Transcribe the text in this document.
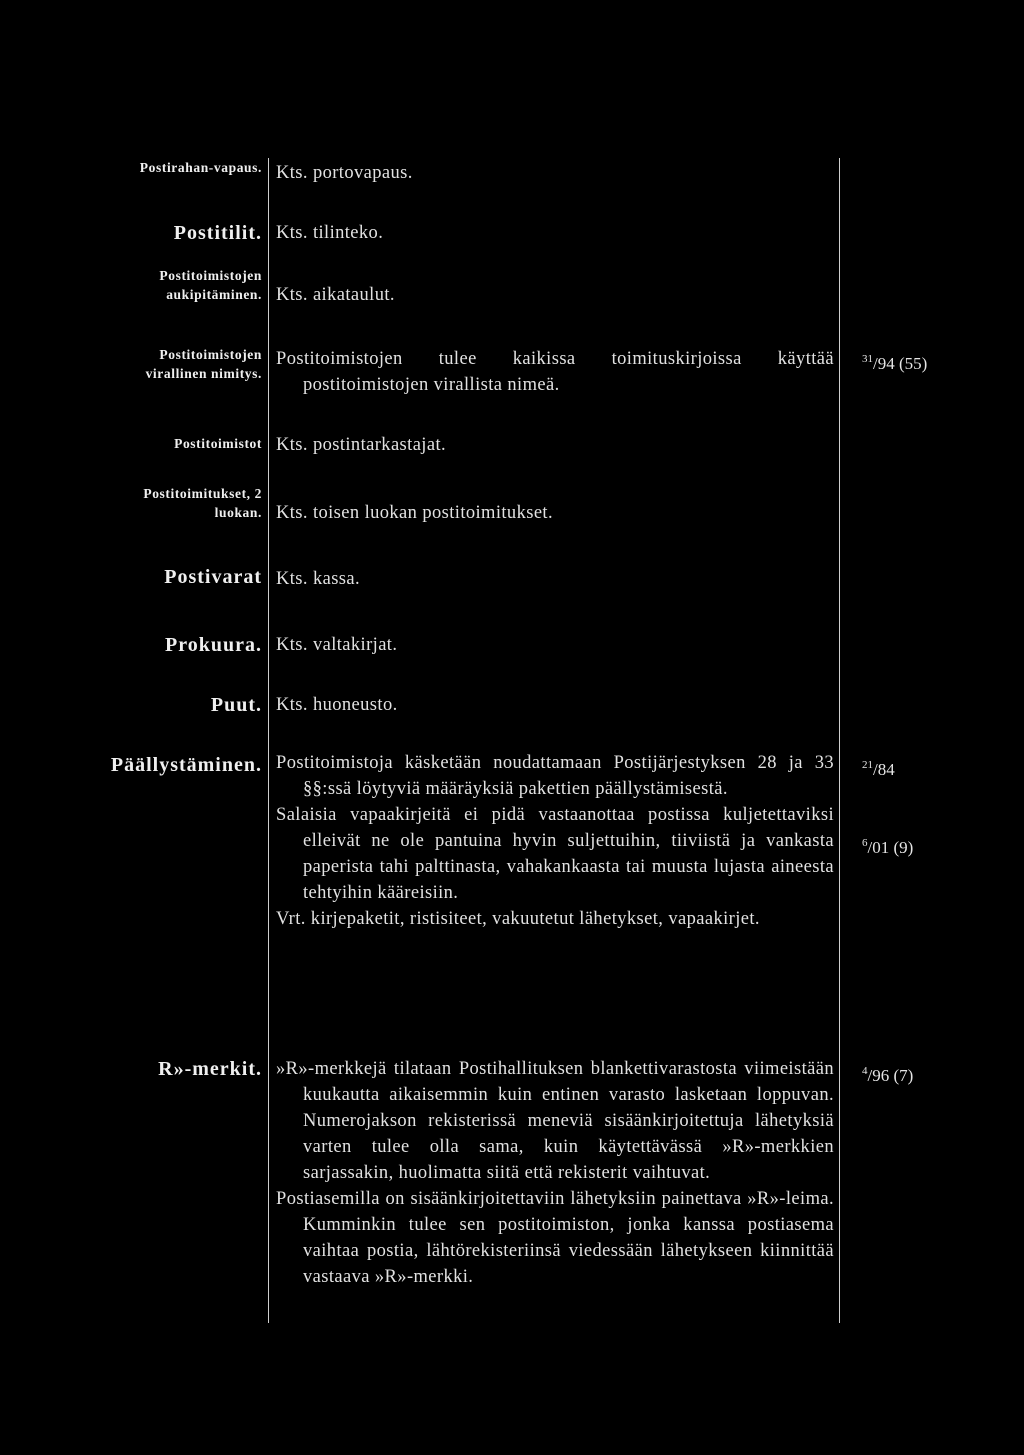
Postirahan-vapaus. Kts. portovapaus.
Postitilit. Kts. tilinteko.
Postitoimistojen aukipitäminen. Kts. aikataulut.
Postitoimistojen virallinen nimitys.
Postitoimistojen tulee kaikissa toimituskirjoissa käyttää postitoimistojen virallista nimeä.
$^{31}$/94 (55)
Postitoimistot Kts. postintarkastajat.
Postitoimitukset, 2 luokan. Kts. toisen luokan postitoimitukset.
Postivarat Kts. kassa.
Prokuura. Kts. valtakirjat.
Puut. Kts. huoneusto.
Päällystäminen. Postitoimistoja käsketään noudattamaan Postijärjestyksen 28 ja 33 §§:ssä löytyviä määräyksiä pakettien päällystämisestä.
Salaisia vapaakirjeitä ei pidä vastaanottaa postissa kuljetettaviksi elleivät ne ole pantuina hyvin suljettuihin, tiiviistä ja vankasta paperista tahi palttinasta, vahakankaasta tai muusta lujasta aineesta tehtyihin kääreisiin.
Vrt. kirjepaketit, ristisiteet, vakuutetut lähetykset, vapaakirjet.
$^{21}$/84
$^6$/01 (9)
R»-merkit. »R»-merkkejä tilataan Postihallituksen blankettivarastosta viimeistään kuukautta aikaisemmin kuin entinen varasto lasketaan loppuvan. Numerojakson rekisterissä meneviä sisäänkirjoitettuja lähetyksiä varten tulee olla sama, kuin käytettävässä »R»-merkkien sarjassakin, huolimatta siitä että rekisterit vaihtuvat.
Postiasemilla on sisäänkirjoitettaviin lähetyksiin painettava »R»-leima. Kumminkin tulee sen postitoimiston, jonka kanssa postiasema vaihtaa postia, lähtörekisteriinsä viedessään lähetykseen kiinnittää vastaava »R»-merkki.
$^4$/96 (7)
